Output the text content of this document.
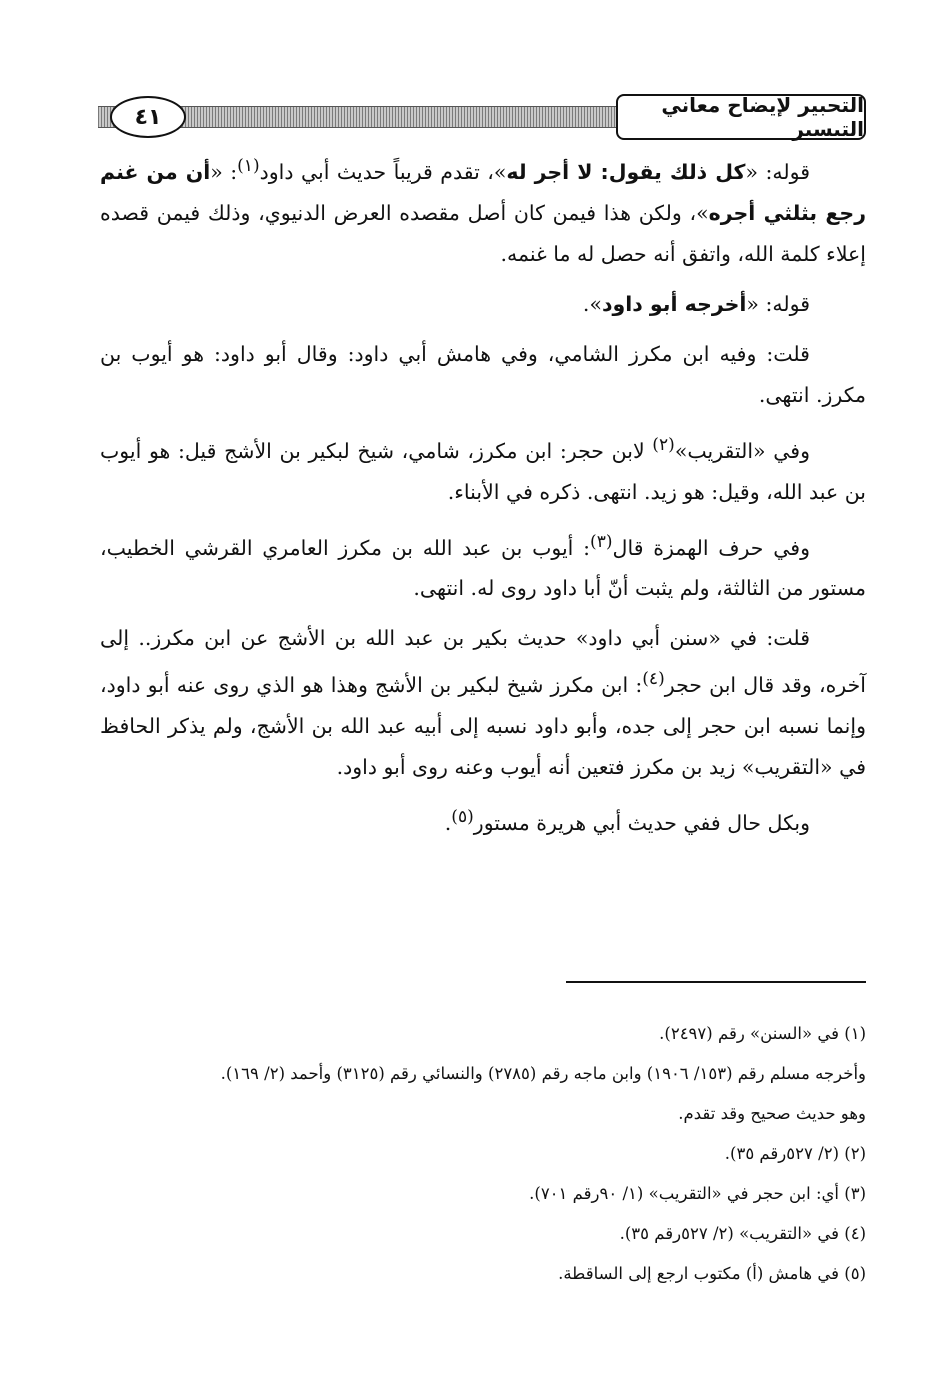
٤١	التحبير لإيضاح معاني التيسير

قوله: «كل ذلك يقول: لا أجر له»، تقدم قريباً حديث أبي داود$^{(١)}$: «أن من غنم رجع بثلثي أجره»، ولكن هذا فيمن كان أصل مقصده العرض الدنيوي، وذلك فيمن قصده إعلاء كلمة الله، واتفق أنه حصل له ما غنمه.

قوله: «أخرجه أبو داود».

قلت: وفيه ابن مكرز الشامي، وفي هامش أبي داود: وقال أبو داود: هو أيوب بن مكرز. انتهى.

وفي «التقريب»$^{(٢)}$ لابن حجر: ابن مكرز، شامي، شيخ لبكير بن الأشج قيل: هو أيوب بن عبد الله، وقيل: هو زيد. انتهى. ذكره في الأبناء.

وفي حرف الهمزة قال$^{(٣)}$: أيوب بن عبد الله بن مكرز العامري القرشي الخطيب، مستور من الثالثة، ولم يثبت أنّ أبا داود روى له. انتهى.

قلت: في «سنن أبي داود» حديث بكير بن عبد الله بن الأشج عن ابن مكرز.. إلى آخره، وقد قال ابن حجر$^{(٤)}$: ابن مكرز شيخ لبكير بن الأشج وهذا هو الذي روى عنه أبو داود، وإنما نسبه ابن حجر إلى جده، وأبو داود نسبه إلى أبيه عبد الله بن الأشج، ولم يذكر الحافظ في «التقريب» زيد بن مكرز فتعين أنه أيوب وعنه روى أبو داود.

وبكل حال ففي حديث أبي هريرة مستور$^{(٥)}$.

(١) في «السنن» رقم (٢٤٩٧).
وأخرجه مسلم رقم (١٥٣/ ١٩٠٦) وابن ماجه رقم (٢٧٨٥) والنسائي رقم (٣١٢٥) وأحمد (٢/ ١٦٩).
وهو حديث صحيح وقد تقدم.
(٢) (٢/ ٥٢٧رقم ٣٥).
(٣) أي: ابن حجر في «التقريب» (١/ ٩٠رقم ٧٠١).
(٤) في «التقريب» (٢/ ٥٢٧رقم ٣٥).
(٥) في هامش (أ) مكتوب ارجع إلى الساقطة.
